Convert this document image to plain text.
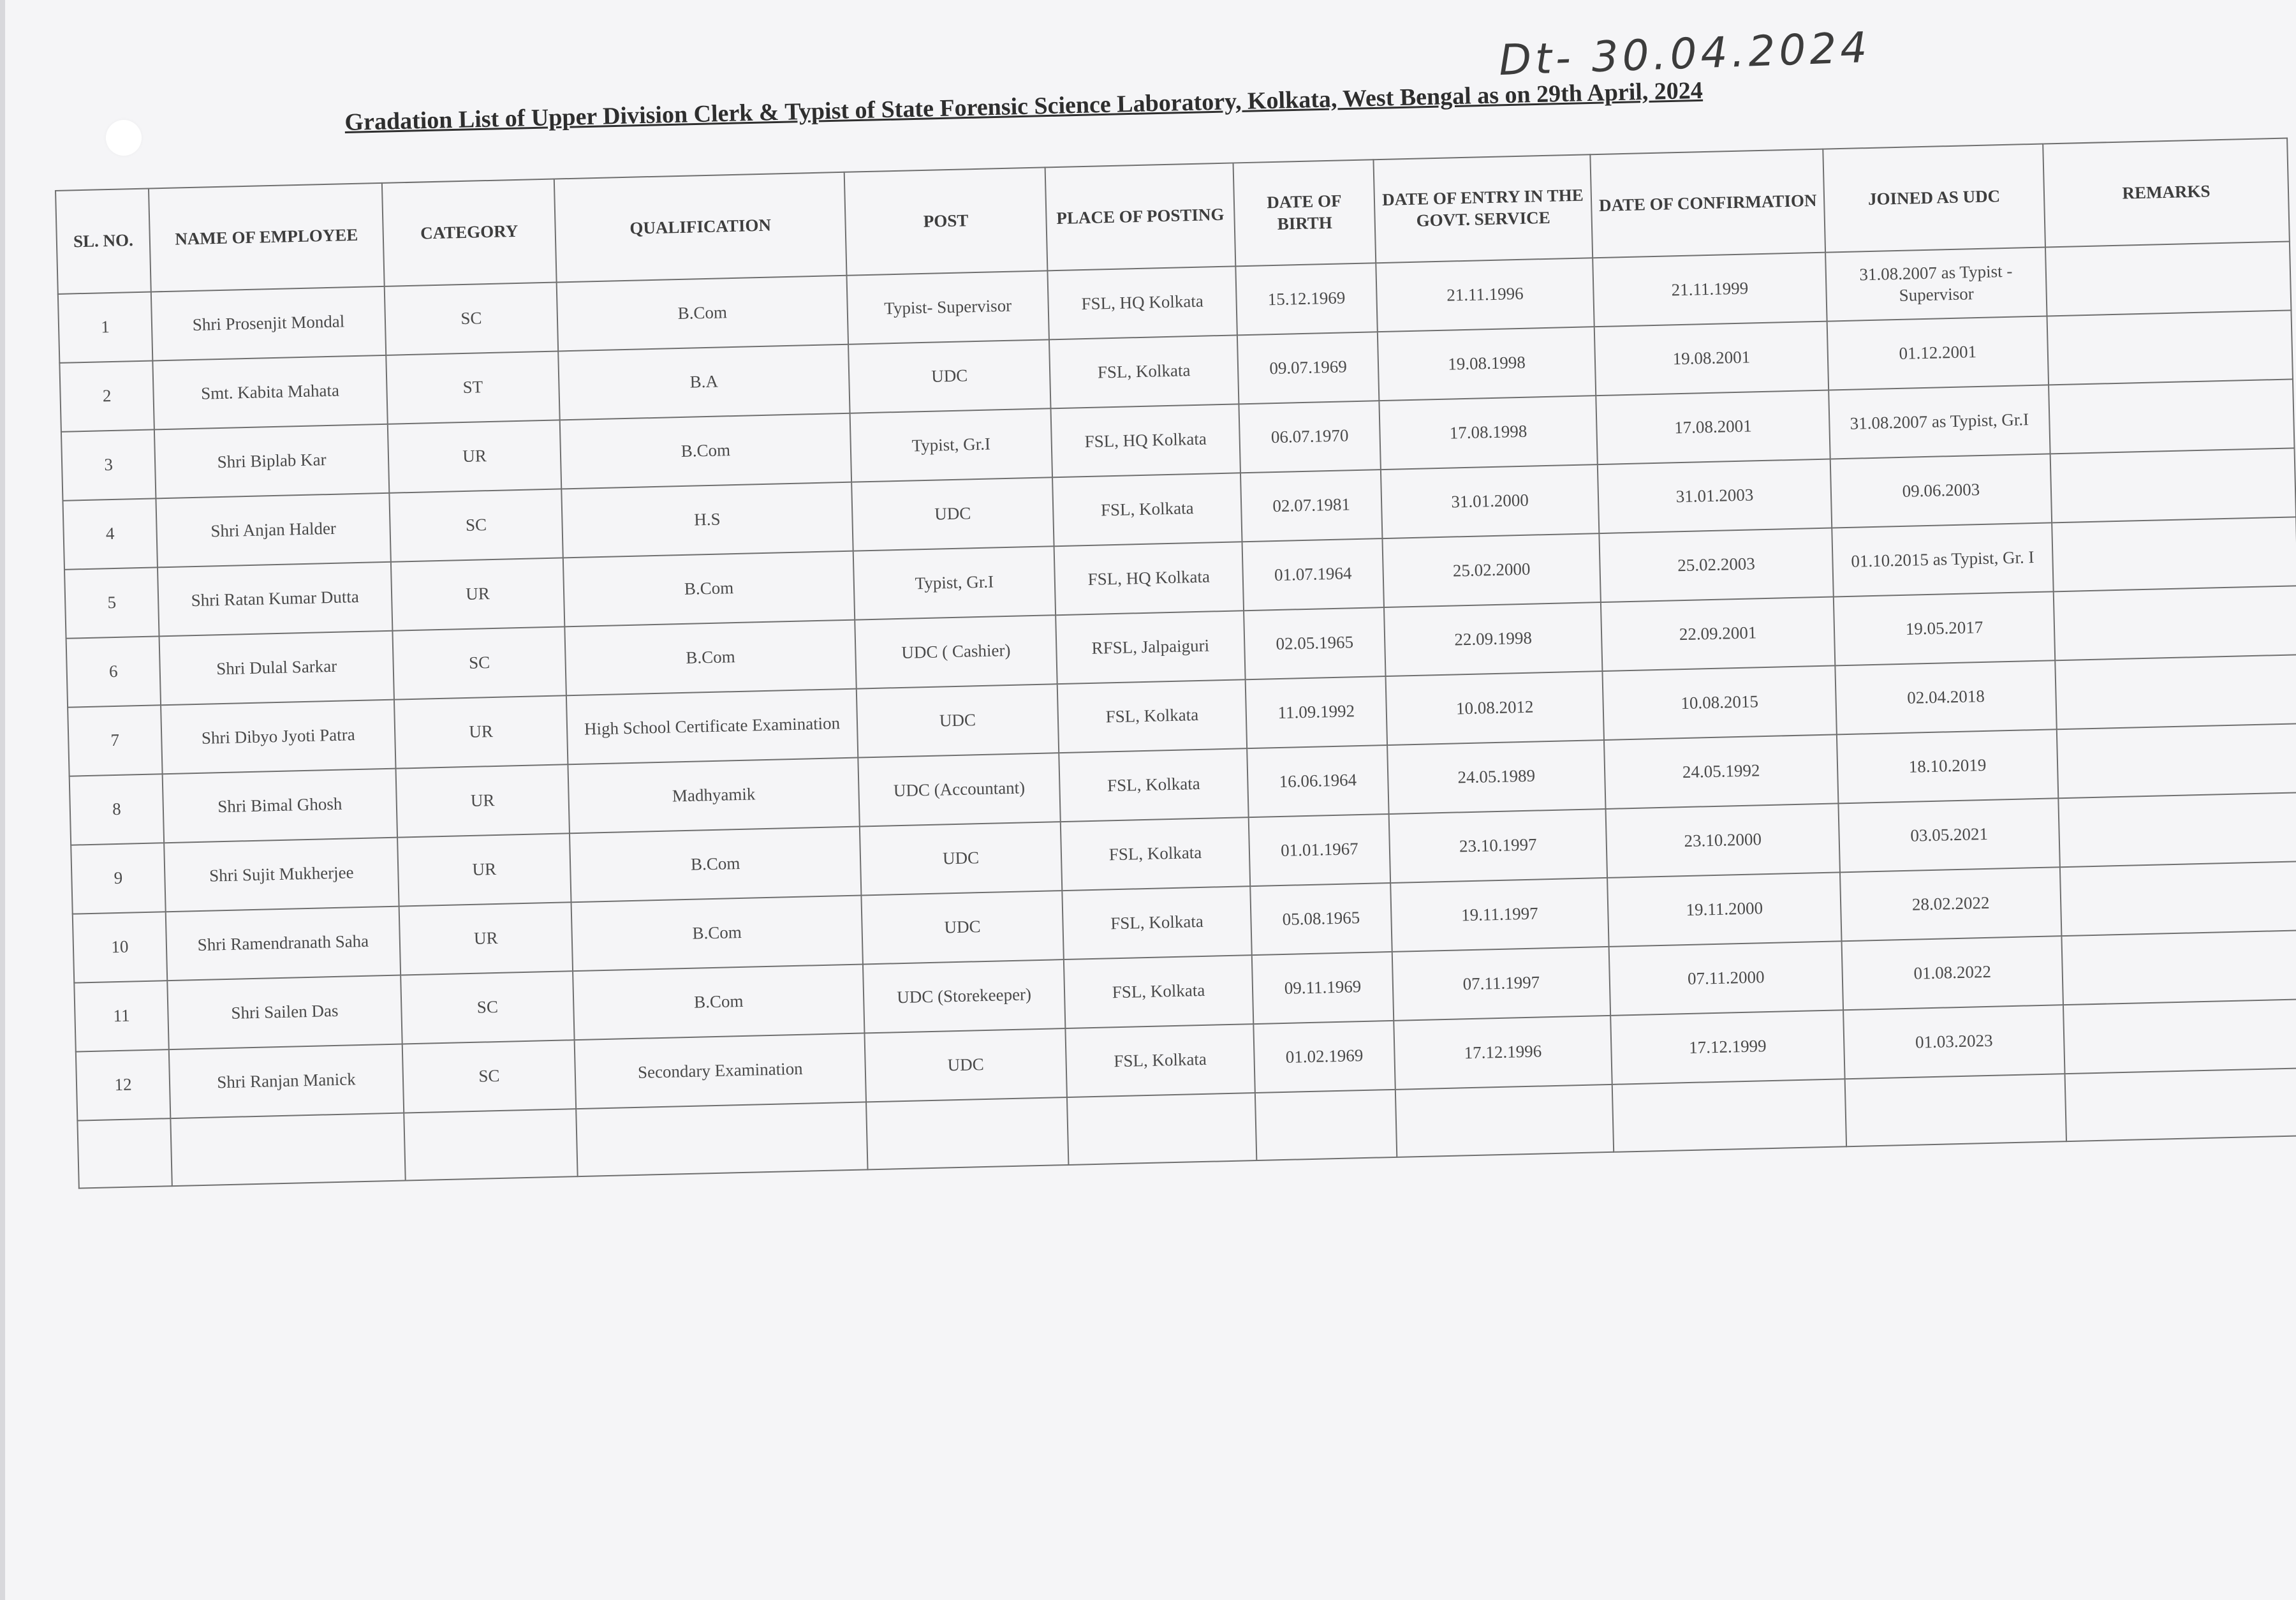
Dt- 30.04.2024
Gradation List of Upper Division Clerk & Typist of State Forensic Science Laboratory, Kolkata, West Bengal as on 29th April, 2024
SL. NO.	NAME OF EMPLOYEE	CATEGORY	QUALIFICATION	POST	PLACE OF POSTING	DATE OF BIRTH	DATE OF ENTRY IN THE GOVT. SERVICE	DATE OF CONFIRMATION	JOINED AS UDC	REMARKS
1	Shri Prosenjit Mondal	SC	B.Com	Typist- Supervisor	FSL, HQ Kolkata	15.12.1969	21.11.1996	21.11.1999	31.08.2007 as Typist - Supervisor	
2	Smt. Kabita Mahata	ST	B.A	UDC	FSL, Kolkata	09.07.1969	19.08.1998	19.08.2001	01.12.2001	
3	Shri Biplab Kar	UR	B.Com	Typist, Gr.I	FSL, HQ Kolkata	06.07.1970	17.08.1998	17.08.2001	31.08.2007 as Typist, Gr.I	
4	Shri Anjan Halder	SC	H.S	UDC	FSL, Kolkata	02.07.1981	31.01.2000	31.01.2003	09.06.2003	
5	Shri Ratan Kumar Dutta	UR	B.Com	Typist, Gr.I	FSL, HQ Kolkata	01.07.1964	25.02.2000	25.02.2003	01.10.2015 as Typist, Gr. I	
6	Shri Dulal Sarkar	SC	B.Com	UDC ( Cashier)	RFSL, Jalpaiguri	02.05.1965	22.09.1998	22.09.2001	19.05.2017	
7	Shri Dibyo Jyoti Patra	UR	High School Certificate Examination	UDC	FSL, Kolkata	11.09.1992	10.08.2012	10.08.2015	02.04.2018	
8	Shri Bimal Ghosh	UR	Madhyamik	UDC (Accountant)	FSL, Kolkata	16.06.1964	24.05.1989	24.05.1992	18.10.2019	
9	Shri Sujit Mukherjee	UR	B.Com	UDC	FSL, Kolkata	01.01.1967	23.10.1997	23.10.2000	03.05.2021	
10	Shri Ramendranath Saha	UR	B.Com	UDC	FSL, Kolkata	05.08.1965	19.11.1997	19.11.2000	28.02.2022	
11	Shri Sailen Das	SC	B.Com	UDC (Storekeeper)	FSL, Kolkata	09.11.1969	07.11.1997	07.11.2000	01.08.2022	
12	Shri Ranjan Manick	SC	Secondary Examination	UDC	FSL, Kolkata	01.02.1969	17.12.1996	17.12.1999	01.03.2023	
